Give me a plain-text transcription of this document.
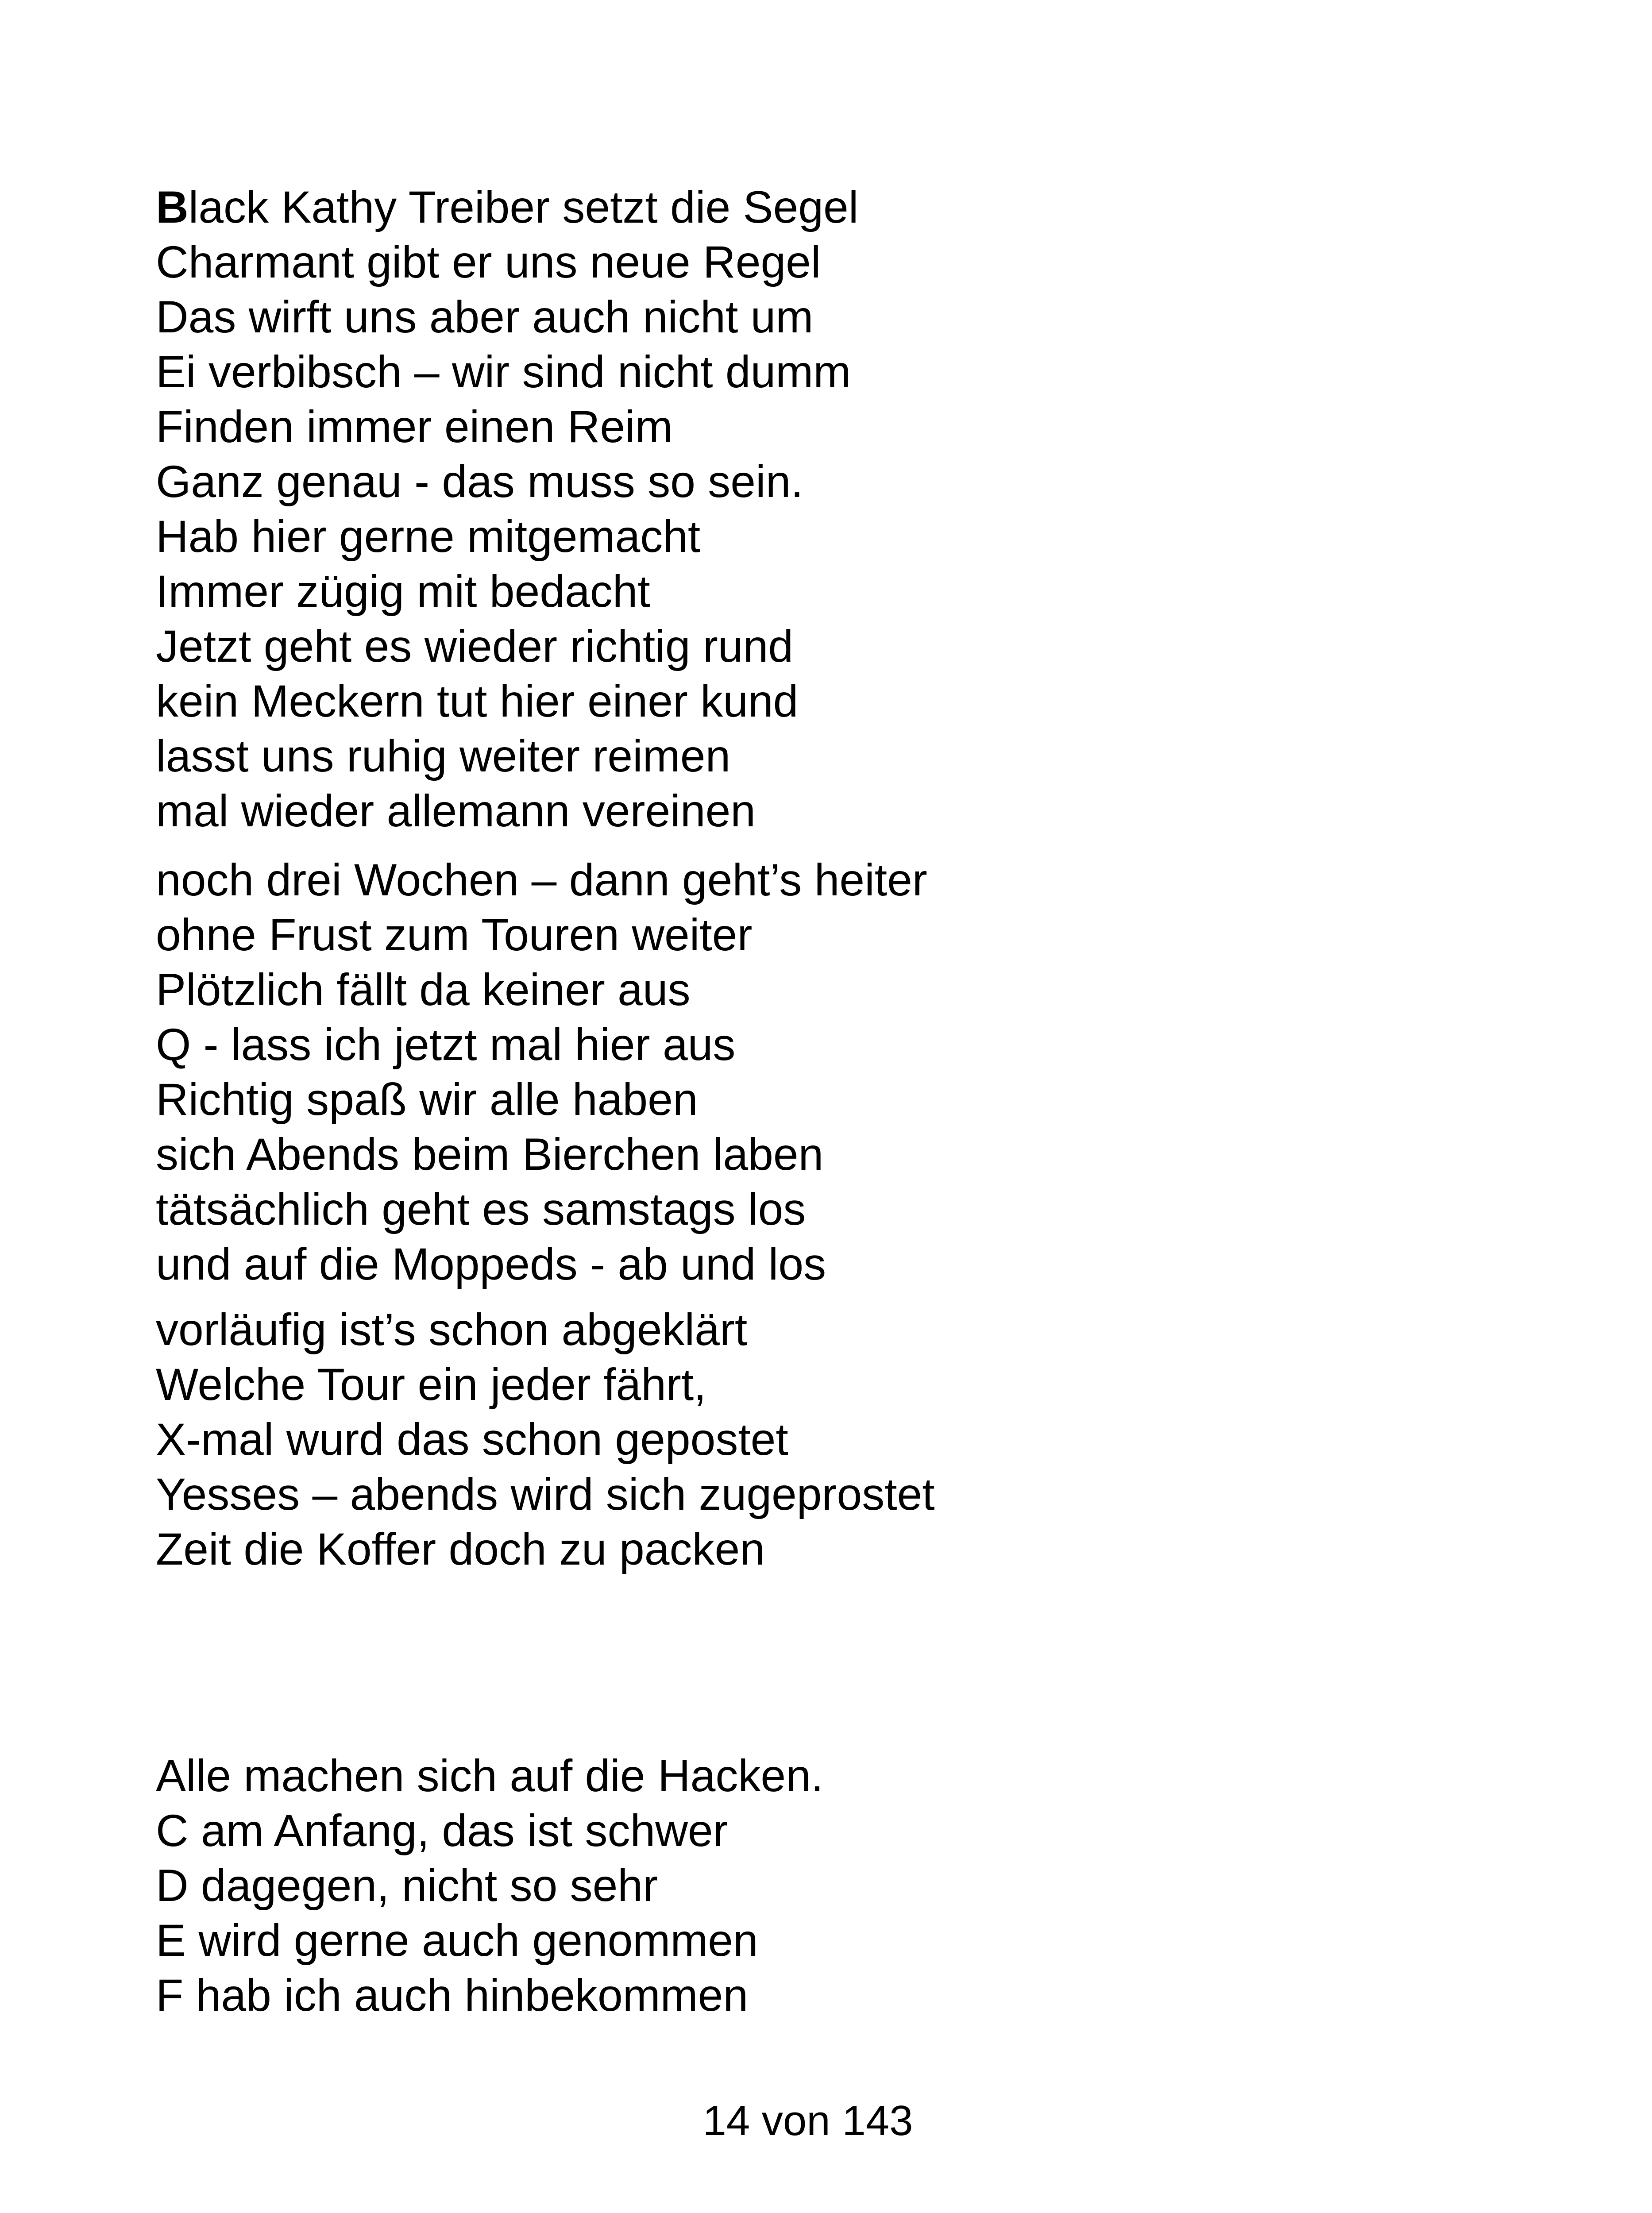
Black Kathy Treiber setzt die Segel
Charmant gibt er uns neue Regel
Das wirft uns aber auch nicht um
Ei verbibsch – wir sind nicht dumm
Finden immer einen Reim
Ganz genau - das muss so sein.
Hab hier gerne mitgemacht
Immer zügig mit bedacht
Jetzt geht es wieder richtig rund
kein Meckern tut hier einer kund
lasst uns ruhig weiter reimen
mal wieder allemann vereinen
noch drei Wochen – dann geht’s heiter
ohne Frust zum Touren weiter
Plötzlich fällt da keiner aus
Q - lass ich jetzt mal hier aus
Richtig spaß wir alle haben
sich Abends beim Bierchen laben
tätsächlich geht es samstags los
und auf die Moppeds - ab und los
vorläufig ist’s schon abgeklärt
Welche Tour ein jeder fährt,
X-mal wurd das schon gepostet
Yesses – abends wird sich zugeprostet
Zeit die Koffer doch zu packen
Alle machen sich auf die Hacken.
C am Anfang, das ist schwer
D dagegen, nicht so sehr
E wird gerne auch genommen
F hab ich auch hinbekommen
14 von 143
